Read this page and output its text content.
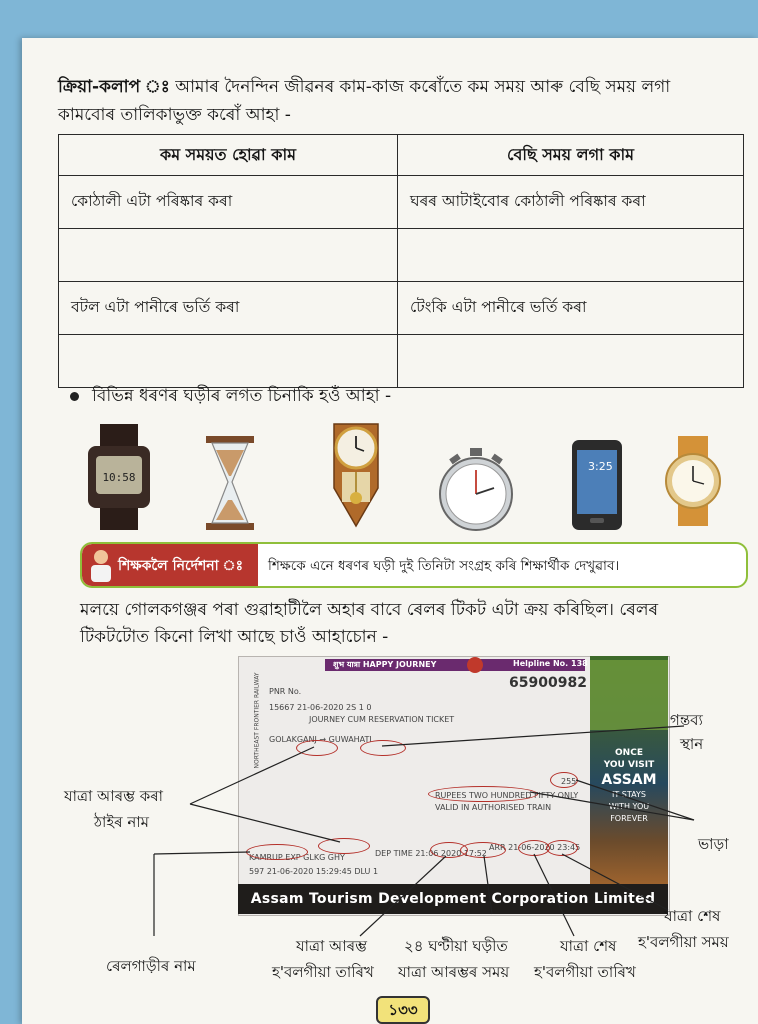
ক্ৰিয়া-কলাপ ঃ আমাৰ দৈনন্দিন জীৱনৰ কাম-কাজ কৰোঁতে কম সময় আৰু বেছি সময় লগা
কামবোৰ তালিকাভুক্ত কৰোঁ আহা -
কম সময়ত হোৱা কাম	বেছি সময় লগা কাম
কোঠালী এটা পৰিষ্কাৰ কৰা	ঘৰৰ আটাইবোৰ কোঠালী পৰিষ্কাৰ কৰা

বটল এটা পানীৰে ভৰ্তি কৰা	টেংকি এটা পানীৰে ভৰ্তি কৰা

বিভিন্ন ধৰণৰ ঘড়ীৰ লগত চিনাকি হওঁ আহা -
10:58
3:25
শিক্ষকলৈ নিৰ্দেশনা ঃ শিক্ষকে এনে ধৰণৰ ঘড়ী দুই তিনিটা সংগ্ৰহ কৰি শিক্ষাৰ্থীক দেখুৱাব।
মলয়ে গোলকগঞ্জৰ পৰা গুৱাহাটীলৈ অহাৰ বাবে ৰেলৰ টিকট এটা ক্ৰয় কৰিছিল। ৰেলৰ
টিকটটোত কিনো লিখা আছে চাওঁ আহাচোন -
शुभ यात्रा HAPPY JOURNEY	Helpline No. 138
PNR No.
65900982
15667 21-06-2020 2S 1 0
JOURNEY CUM RESERVATION TICKET
GOLAKGANJ → GUWAHATI
RUPEES TWO HUNDRED FIFTY ONLY
VALID IN AUTHORISED TRAIN
255
KAMRUP EXP GLKG GHY	DEP TIME 21:06 2020 17:52
ARR 21-06-2020 23:45
597 21-06-2020 15:29:45 DLU 1
NORTHEAST FRONTIER RAILWAY	ONCE
YOU VISIT
ASSAM
IT STAYS
WITH YOU
FOREVER
Assam Tourism Development Corporation Limited
গন্তব্য
স্থান
যাত্ৰা আৰম্ভ কৰা
ঠাইৰ নাম
ভাড়া
যাত্ৰা শেষ
হ'বলগীয়া সময়
ৰেলগাড়ীৰ নাম
যাত্ৰা আৰম্ভ
হ'বলগীয়া তাৰিখ
২৪ ঘণ্টীয়া ঘড়ীত
যাত্ৰা আৰম্ভৰ সময়
যাত্ৰা শেষ
হ'বলগীয়া তাৰিখ
১৩৩
